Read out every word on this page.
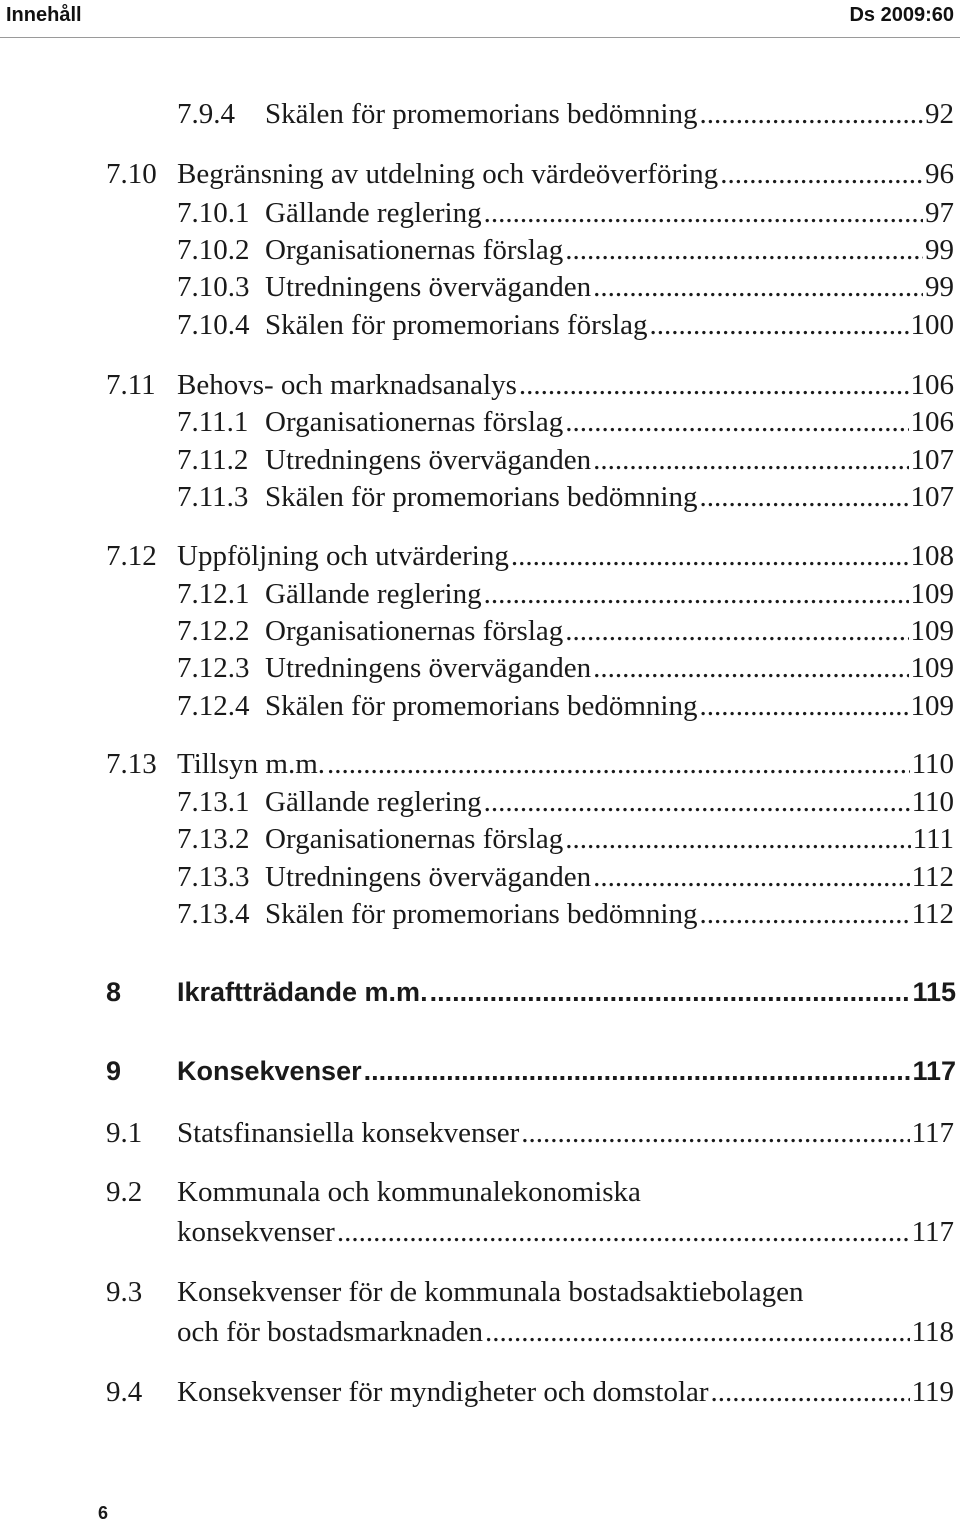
Innehåll	Ds 2009:60
7.9.4	Skälen för promemorians bedömning .....	92
7.10 Begränsning av utdelning och värdeöverföring .....	96
7.10.1 Gällande reglering .....	97
7.10.2 Organisationernas förslag .....	99
7.10.3 Utredningens överväganden .....	99
7.10.4 Skälen för promemorians förslag .....	100
7.11 Behovs- och marknadsanalys .....	106
7.11.1 Organisationernas förslag .....	106
7.11.2 Utredningens överväganden .....	107
7.11.3 Skälen för promemorians bedömning .....	107
7.12 Uppföljning och utvärdering .....	108
7.12.1 Gällande reglering .....	109
7.12.2 Organisationernas förslag .....	109
7.12.3 Utredningens överväganden .....	109
7.12.4 Skälen för promemorians bedömning .....	109
7.13 Tillsyn m.m. .....	110
7.13.1 Gällande reglering .....	110
7.13.2 Organisationernas förslag .....	111
7.13.3 Utredningens överväganden .....	112
7.13.4 Skälen för promemorians bedömning .....	112
8	Ikraftträdande m.m. .....	115
9	Konsekvenser .....	117
9.1	Statsfinansiella konsekvenser .....	117
9.2	Kommunala och kommunalekonomiska
konsekvenser .....	117
9.3	Konsekvenser för de kommunala bostadsaktiebolagen
och för bostadsmarknaden .....	118
9.4	Konsekvenser för myndigheter och domstolar .....	119
6
